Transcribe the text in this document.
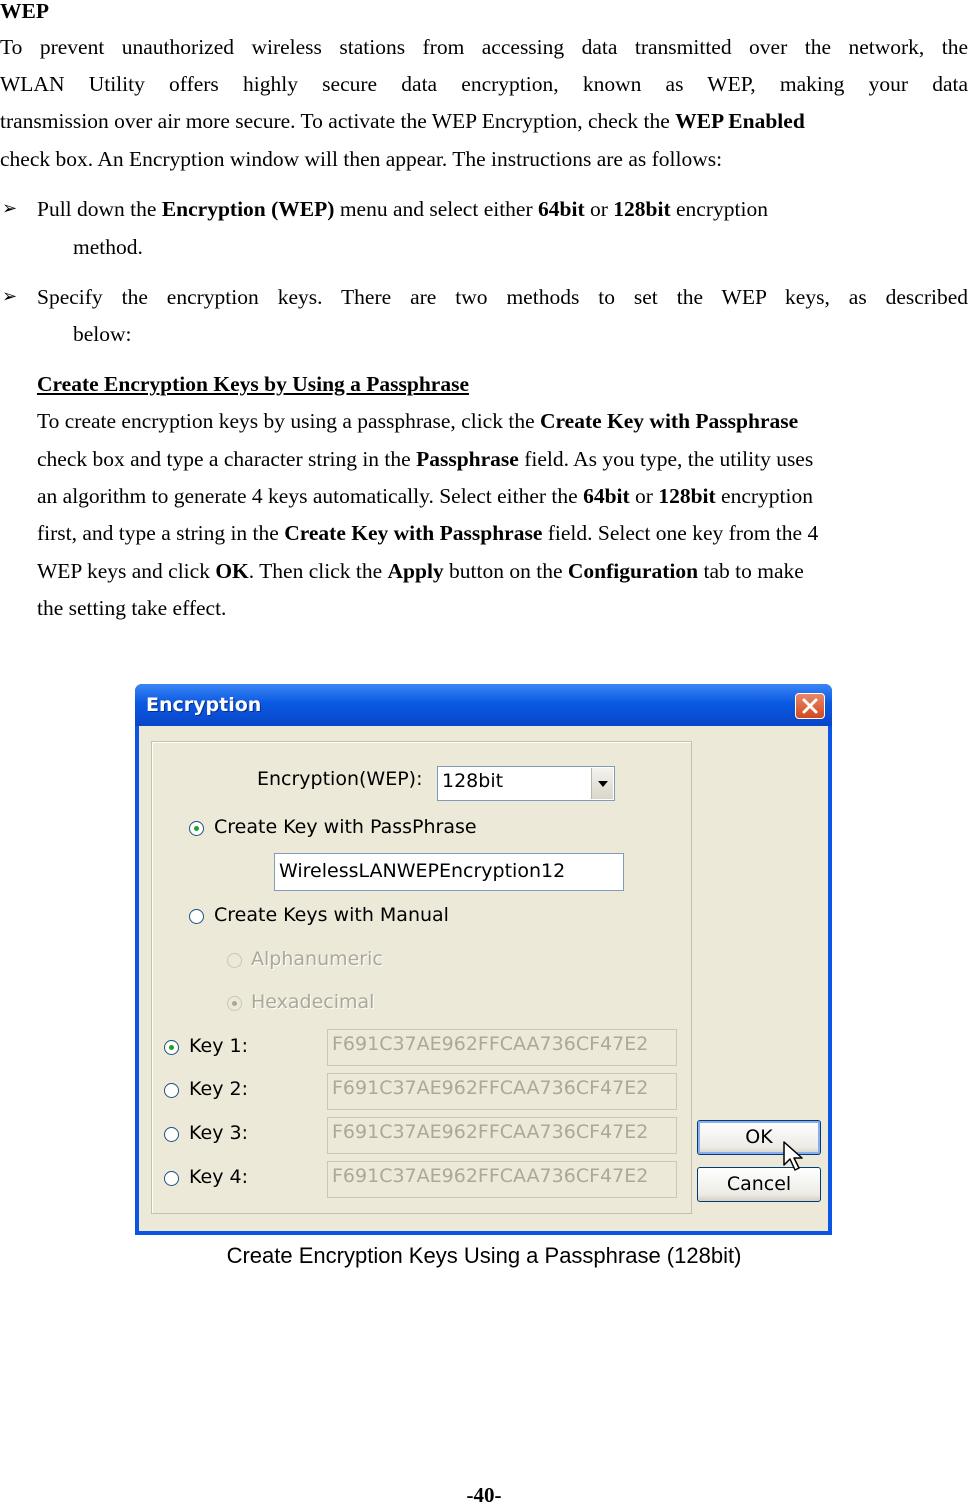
WEP
To prevent unauthorized wireless stations from accessing data transmitted over the network, the
WLAN Utility offers highly secure data encryption, known as WEP, making your data
transmission over air more secure. To activate the WEP Encryption, check the WEP Enabled
check box. An Encryption window will then appear. The instructions are as follows:
➢ Pull down the Encryption (WEP) menu and select either 64bit or 128bit encryption
method.
➢ Specify the encryption keys. There are two methods to set the WEP keys, as described
below:
Create Encryption Keys by Using a Passphrase
To create encryption keys by using a passphrase, click the Create Key with Passphrase
check box and type a character string in the Passphrase field. As you type, the utility uses
an algorithm to generate 4 keys automatically. Select either the 64bit or 128bit encryption
first, and type a string in the Create Key with Passphrase field. Select one key from the 4
WEP keys and click OK. Then click the Apply button on the Configuration tab to make
the setting take effect.
Encryption
Encryption(WEP): 128bit
Create Key with PassPhrase
WirelessLANWEPEncryption12
Create Keys with Manual
Alphanumeric
Hexadecimal
Key 1:	F691C37AE962FFCAA736CF47E2
Key 2:	F691C37AE962FFCAA736CF47E2
Key 3:	F691C37AE962FFCAA736CF47E2
Key 4:	F691C37AE962FFCAA736CF47E2
OK
Cancel
Create Encryption Keys Using a Passphrase (128bit)
-40-
